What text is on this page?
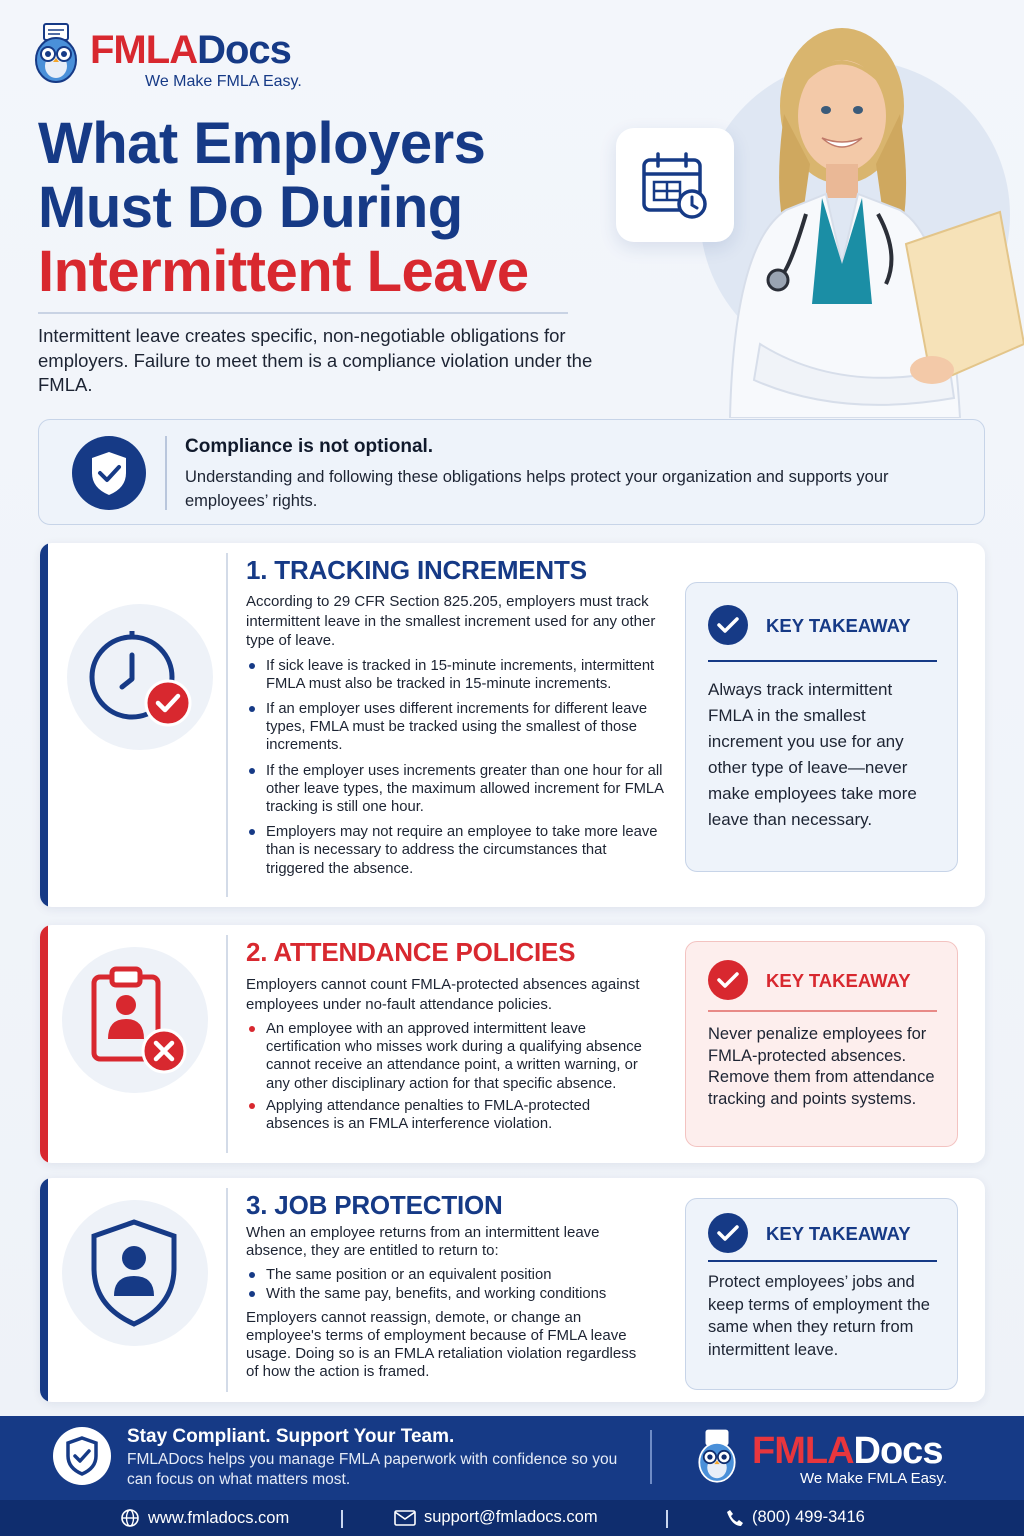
FMLADocs
We Make FMLA Easy.
What Employers
Must Do During
Intermittent Leave
Intermittent leave creates specific, non-negotiable obligations for employers. Failure to meet them is a compliance violation under the FMLA.
Compliance is not optional.
Understanding and following these obligations helps protect your organization and supports your employees’ rights.
1. TRACKING INCREMENTS

According to 29 CFR Section 825.205, employers must track intermittent leave in the smallest increment used for any other type of leave.

If sick leave is tracked in 15-minute increments, intermittent FMLA must also be tracked in 15-minute increments.
If an employer uses different increments for different leave types, FMLA must be tracked using the smallest of those increments.
If the employer uses increments greater than one hour for all other leave types, the maximum allowed increment for FMLA tracking is still one hour.
Employers may not require an employee to take more leave than is necessary to address the circumstances that triggered the absence.
KEY TAKEAWAY
Always track intermittent FMLA in the smallest increment you use for any other type of leave—never make employees take more leave than necessary.
2. ATTENDANCE POLICIES

Employers cannot count FMLA-protected absences against employees under no-fault attendance policies.

An employee with an approved intermittent leave certification who misses work during a qualifying absence cannot receive an attendance point, a written warning, or any other disciplinary action for that specific absence.
Applying attendance penalties to FMLA-protected absences is an FMLA interference violation.
KEY TAKEAWAY
Never penalize employees for FMLA-protected absences. Remove them from attendance tracking and points systems.
3. JOB PROTECTION

When an employee returns from an intermittent leave absence, they are entitled to return to:

The same position or an equivalent position
With the same pay, benefits, and working conditions

Employers cannot reassign, demote, or change an employee's terms of employment because of FMLA leave usage. Doing so is an FMLA retaliation violation regardless of how the action is framed.

KEY TAKEAWAY
Protect employees’ jobs and keep terms of employment the same when they return from intermittent leave.
Stay Compliant. Support Your Team.
FMLADocs helps you manage FMLA paperwork with confidence so you can focus on what matters most.
FMLADocs
We Make FMLA Easy.
www.fmladocs.com	support@fmladocs.com	(800) 499-3416
